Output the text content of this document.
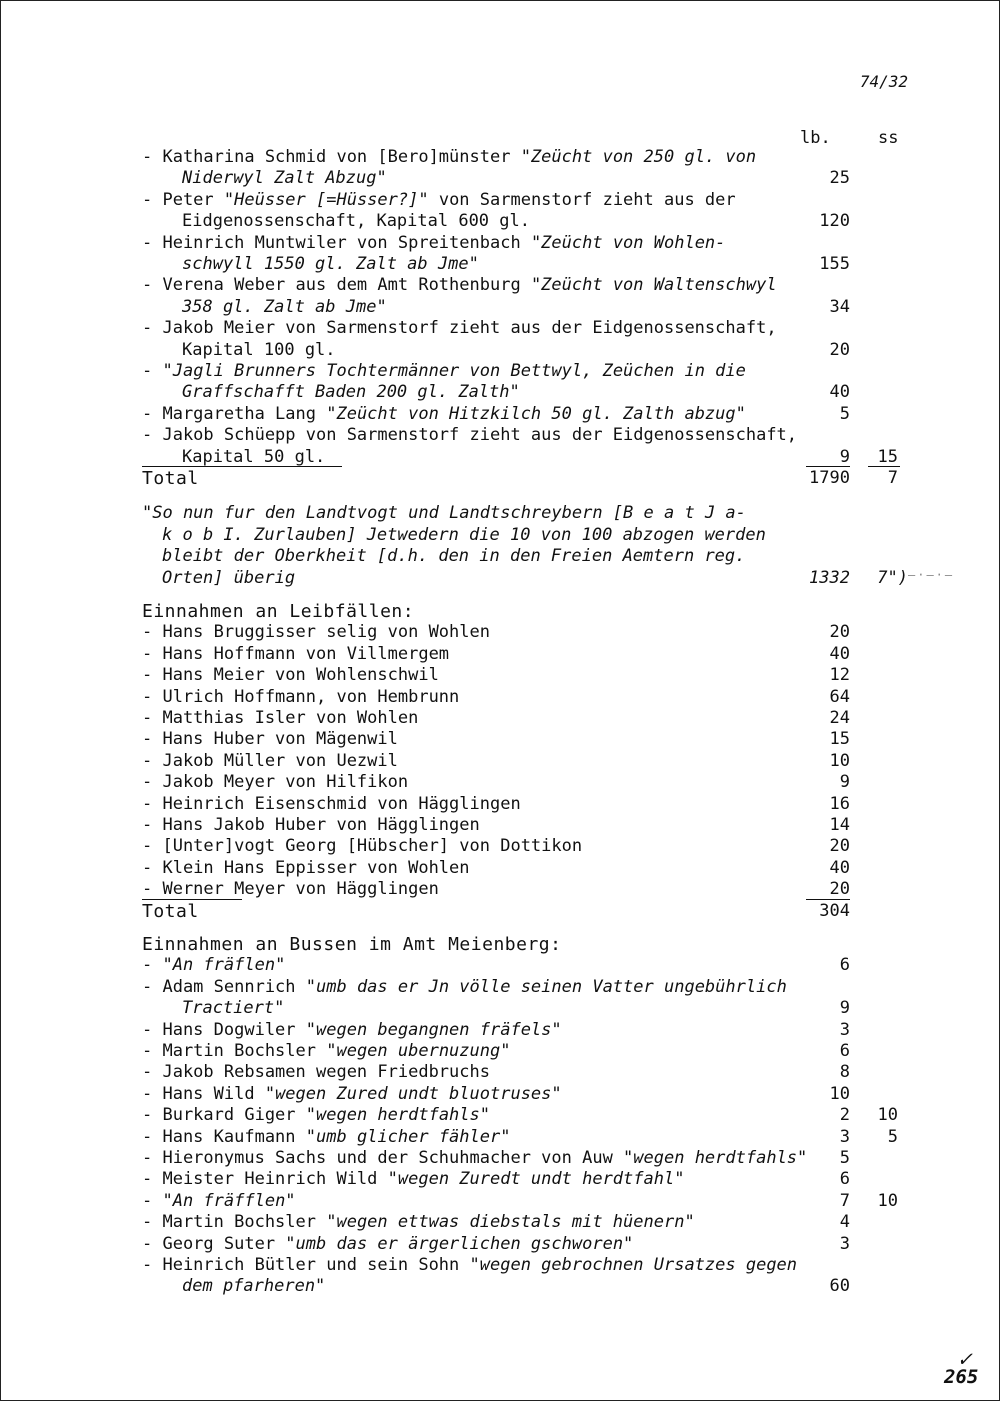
74/32
lb.	ss
- Katharina Schmid von [Bero]münster "Zeücht von 250 gl. von
Niderwyl Zalt Abzug"	25
- Peter "Heüsser [=Hüsser?]" von Sarmenstorf zieht aus der
Eidgenossenschaft, Kapital 600 gl.	120
- Heinrich Muntwiler von Spreitenbach "Zeücht von Wohlen-
schwyll 1550 gl. Zalt ab Jme"	155
- Verena Weber aus dem Amt Rothenburg "Zeücht von Waltenschwyl
358 gl. Zalt ab Jme"	34
- Jakob Meier von Sarmenstorf zieht aus der Eidgenossenschaft,
Kapital 100 gl.	20
- "Jagli Brunners Tochtermänner von Bettwyl, Zeüchen in die
Graffschafft Baden 200 gl. Zalth"	40
- Margaretha Lang "Zeücht von Hitzkilch 50 gl. Zalth abzug"	5
- Jakob Schüepp von Sarmenstorf zieht aus der Eidgenossenschaft,
Kapital 50 gl.	9 15
Total	1790 7
"So nun fur den Landtvogt und Landtschreybern [B e a t J a-
k o b I. Zurlauben] Jetwedern die 10 von 100 abzogen werden
bleibt der Oberkheit [d.h. den in den Freien Aemtern reg.
Orten] überig	1332 7")
Einnahmen an Leibfällen:
- Hans Bruggisser selig von Wohlen	20
- Hans Hoffmann von Villmergem	40
- Hans Meier von Wohlenschwil	12
- Ulrich Hoffmann, von Hembrunn	64
- Matthias Isler von Wohlen	24
- Hans Huber von Mägenwil	15
- Jakob Müller von Uezwil	10
- Jakob Meyer von Hilfikon	9
- Heinrich Eisenschmid von Hägglingen	16
- Hans Jakob Huber von Hägglingen	14
- [Unter]vogt Georg [Hübscher] von Dottikon	20
- Klein Hans Eppisser von Wohlen	40
- Werner Meyer von Hägglingen	20
Total	304
Einnahmen an Bussen im Amt Meienberg:
- "An fräflen"	6
- Adam Sennrich "umb das er Jn völle seinen Vatter ungebührlich
Tractiert"	9
- Hans Dogwiler "wegen begangnen fräfels"	3
- Martin Bochsler "wegen ubernuzung"	6
- Jakob Rebsamen wegen Friedbruchs	8
- Hans Wild "wegen Zured undt bluotruses"	10
- Burkard Giger "wegen herdtfahls"	2 10
- Hans Kaufmann "umb glicher fähler"	3 5
- Hieronymus Sachs und der Schuhmacher von Auw "wegen herdtfahls" 5
- Meister Heinrich Wild "wegen Zuredt undt herdtfahl"	6
- "An fräfflen"	7 10
- Martin Bochsler "wegen ettwas diebstals mit hüenern"	4
- Georg Suter "umb das er ärgerlichen gschworen"	3
- Heinrich Bütler und sein Sohn "wegen gebrochnen Ursatzes gegen
dem pfarheren"	60
—·—·—
✓
265
